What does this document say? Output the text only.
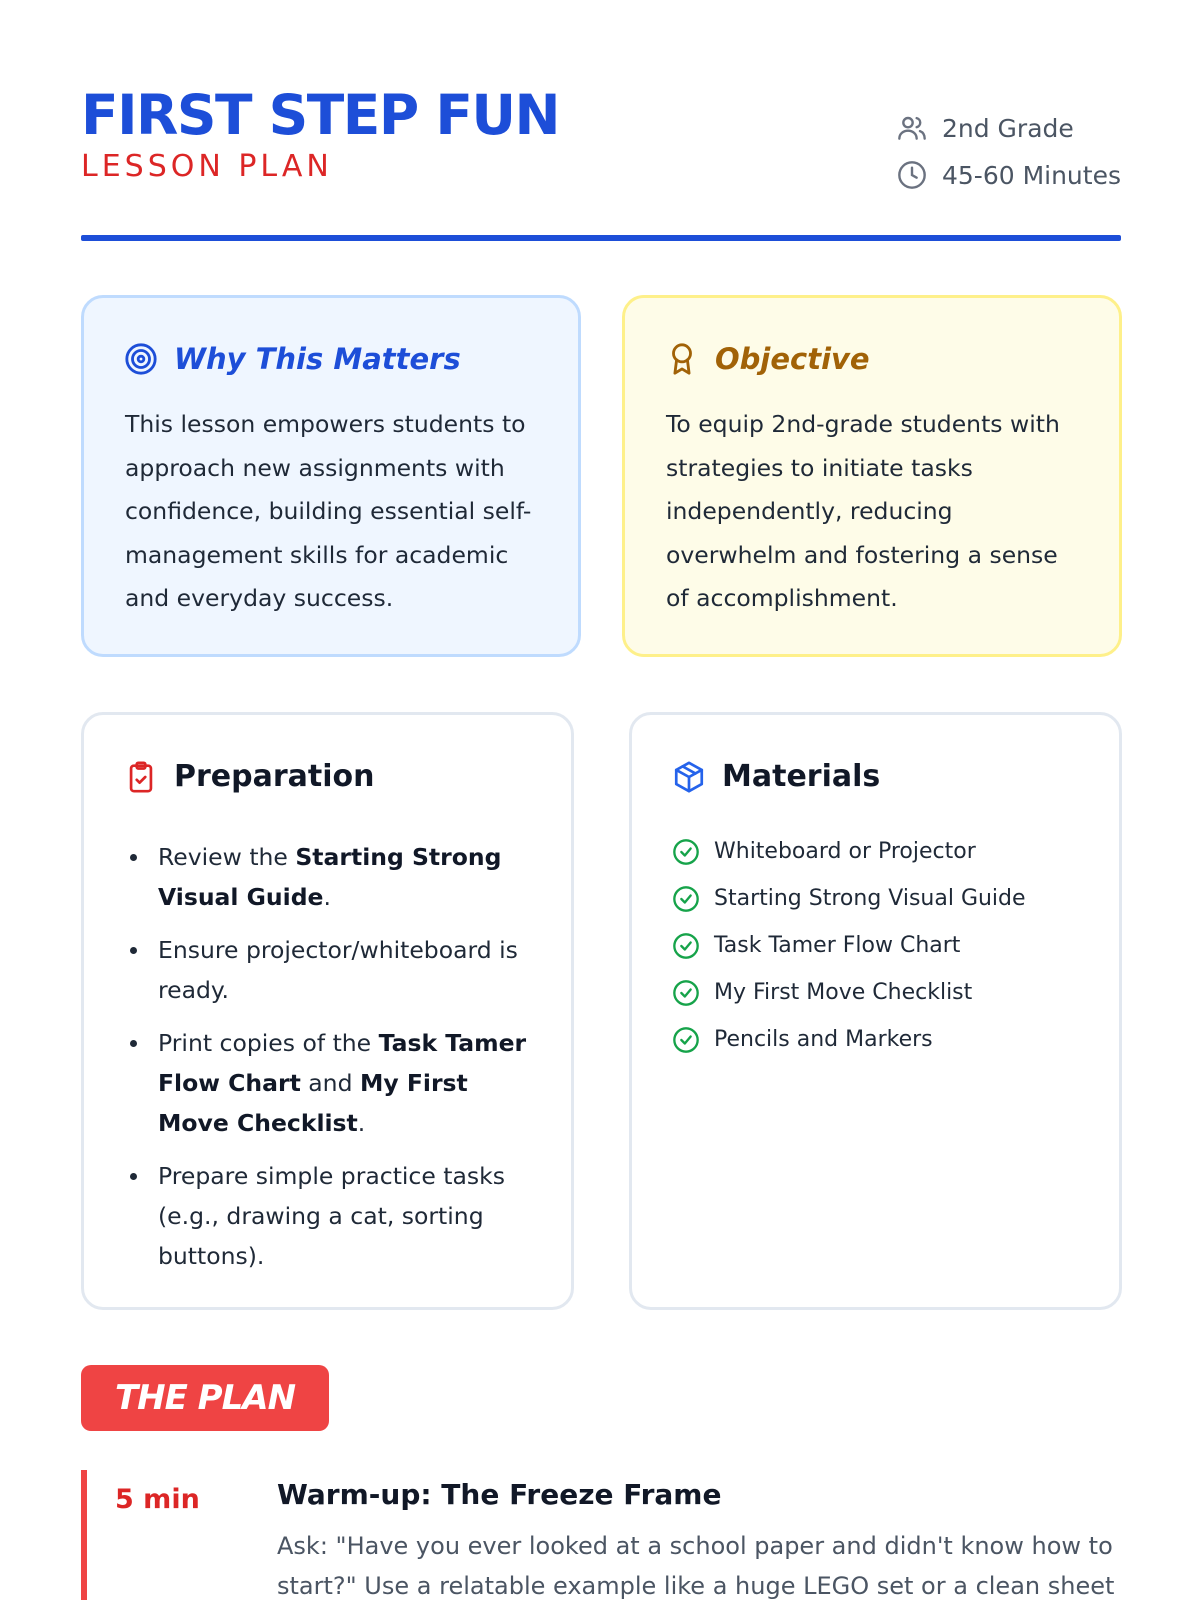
FIRST STEP FUN
LESSON PLAN
2nd Grade
45-60 Minutes
Why This Matters
This lesson empowers students to approach new assignments with confidence, building essential self-management skills for academic and everyday success.
Objective
To equip 2nd-grade students with strategies to initiate tasks independently, reducing overwhelm and fostering a sense of accomplishment.
Preparation
Review the Starting Strong Visual Guide.
Ensure projector/whiteboard is ready.
Print copies of the Task Tamer Flow Chart and My First Move Checklist.
Prepare simple practice tasks (e.g., drawing a cat, sorting buttons).
Materials
Whiteboard or Projector
Starting Strong Visual Guide
Task Tamer Flow Chart
My First Move Checklist
Pencils and Markers
THE PLAN
5 min	Warm-up: The Freeze Frame
Ask: "Have you ever looked at a school paper and didn't know how to start?" Use a relatable example like a huge LEGO set or a clean sheet
